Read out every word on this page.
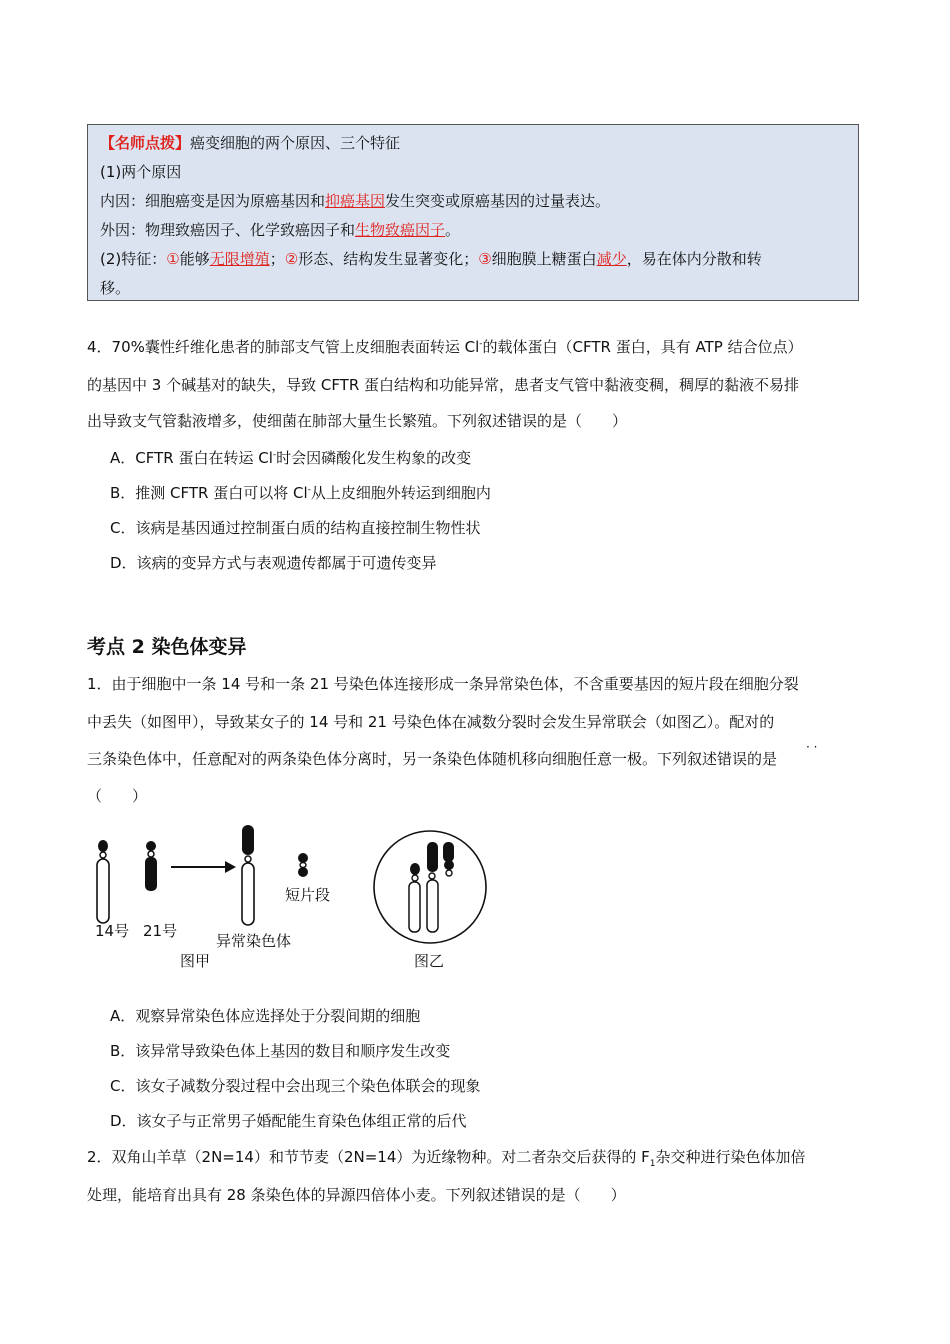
【名师点拨】癌变细胞的两个原因、三个特征
(1)两个原因
内因：细胞癌变是因为原癌基因和抑癌基因发生突变或原癌基因的过量表达。
外因：物理致癌因子、化学致癌因子和生物致癌因子。
(2)特征：①能够无限增殖；②形态、结构发生显著变化；③细胞膜上糖蛋白减少，易在体内分散和转
移。
4．70%囊性纤维化患者的肺部支气管上皮细胞表面转运 Cl-的载体蛋白（CFTR 蛋白，具有 ATP 结合位点）
的基因中 3 个碱基对的缺失，导致 CFTR 蛋白结构和功能异常，患者支气管中黏液变稠，稠厚的黏液不易排
出导致支气管黏液增多，使细菌在肺部大量生长繁殖。下列叙述错误的是（　　）
A．CFTR 蛋白在转运 Cl-时会因磷酸化发生构象的改变
B．推测 CFTR 蛋白可以将 Cl-从上皮细胞外转运到细胞内
C．该病是基因通过控制蛋白质的结构直接控制生物性状
D．该病的变异方式与表观遗传都属于可遗传变异
考点 2 染色体变异
1．由于细胞中一条 14 号和一条 21 号染色体连接形成一条异常染色体，不含重要基因的短片段在细胞分裂
中丢失（如图甲），导致某女子的 14 号和 21 号染色体在减数分裂时会发生异常联会（如图乙）。配对的
三条染色体中，任意配对的两条染色体分离时，另一条染色体随机移向细胞任意一极。下列叙述错误的是
· ·
（　　）
14号 21号
短片段
异常染色体
图甲	图乙
A．观察异常染色体应选择处于分裂间期的细胞
B．该异常导致染色体上基因的数目和顺序发生改变
C．该女子减数分裂过程中会出现三个染色体联会的现象
D．该女子与正常男子婚配能生育染色体组正常的后代
2．双角山羊草（2N=14）和节节麦（2N=14）为近缘物种。对二者杂交后获得的 $F_1$杂交种进行染色体加倍
处理，能培育出具有 28 条染色体的异源四倍体小麦。下列叙述错误的是（　　）
